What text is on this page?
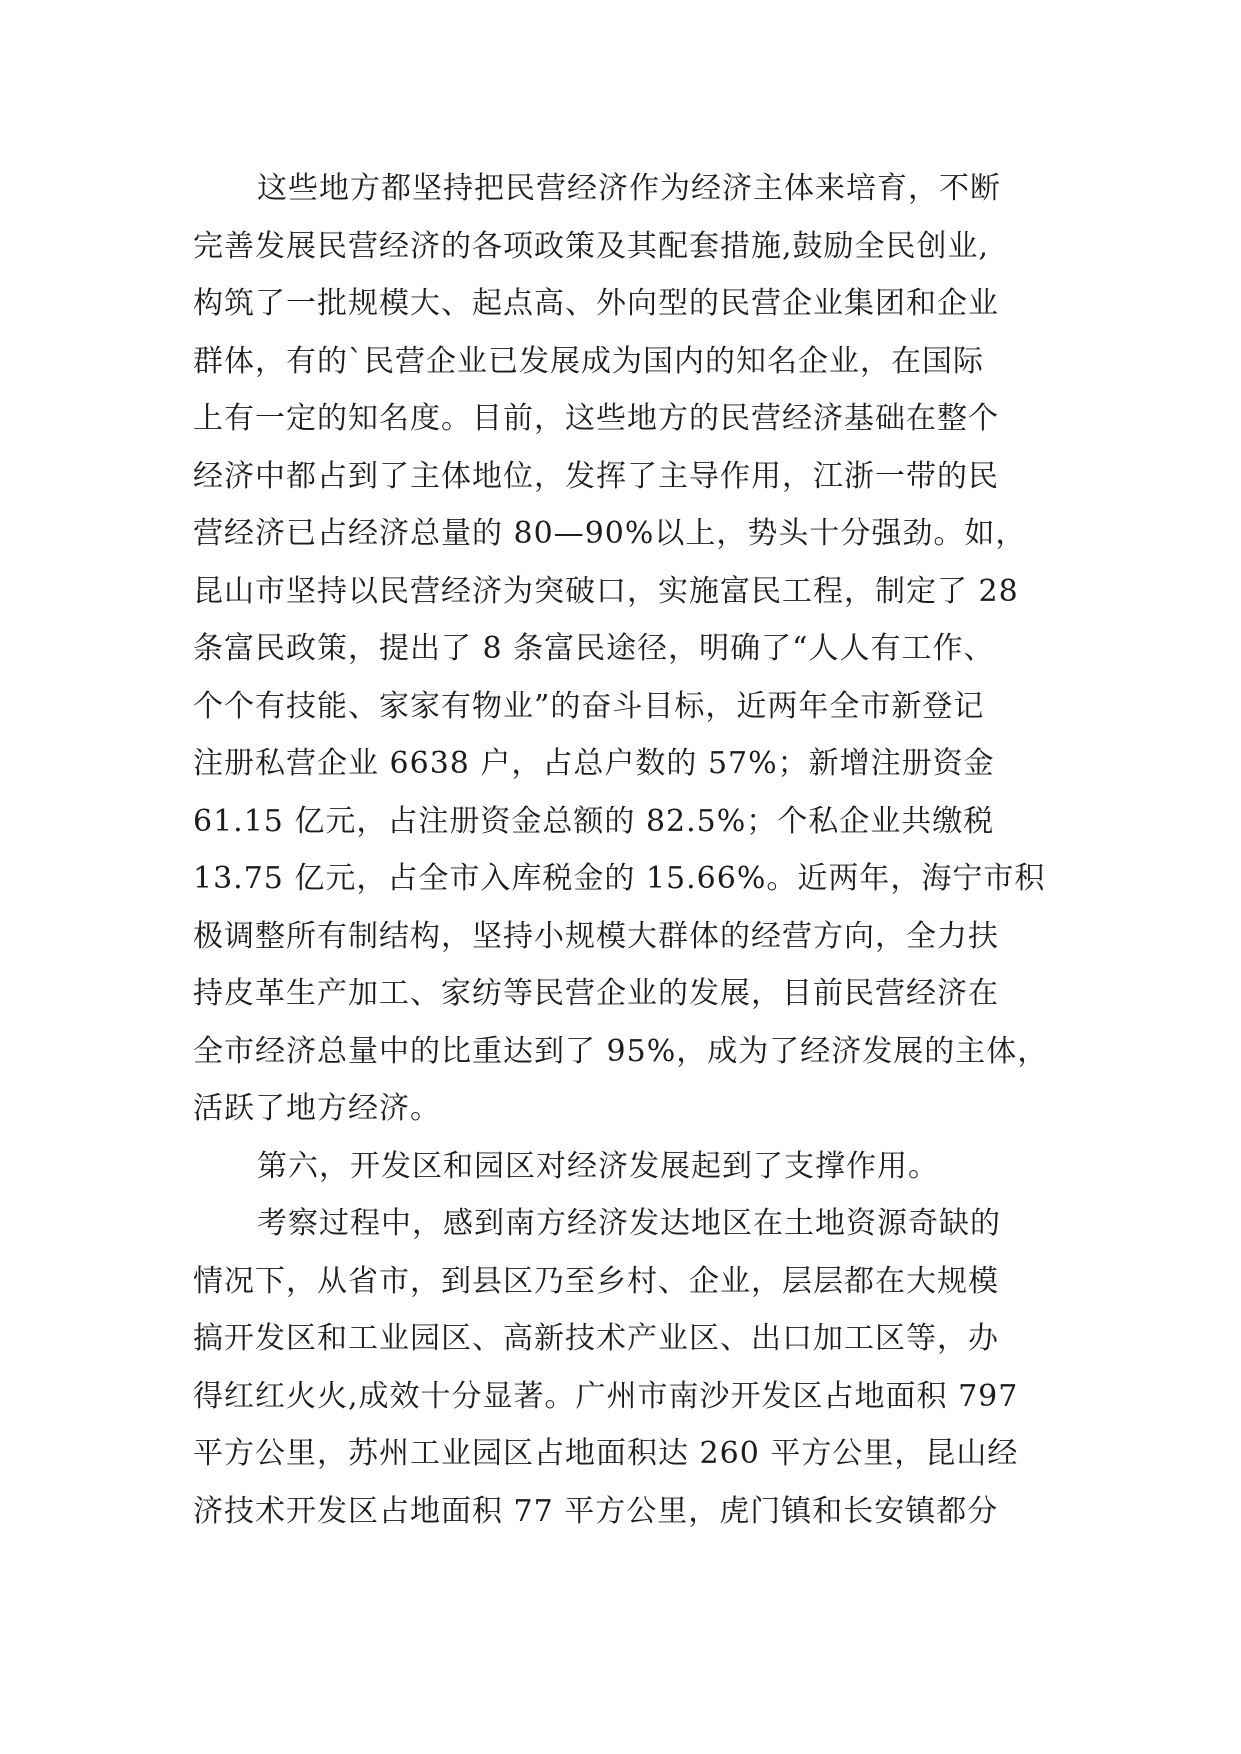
这些地方都坚持把民营经济作为经济主体来培育，不断
完善发展民营经济的各项政策及其配套措施,鼓励全民创业,
构筑了一批规模大、起点高、外向型的民营企业集团和企业
群体，有的`民营企业已发展成为国内的知名企业，在国际
上有一定的知名度。目前，这些地方的民营经济基础在整个
经济中都占到了主体地位，发挥了主导作用，江浙一带的民
营经济已占经济总量的 80—90%以上，势头十分强劲。如，
昆山市坚持以民营经济为突破口，实施富民工程，制定了 28
条富民政策，提出了 8 条富民途径，明确了“人人有工作、
个个有技能、家家有物业”的奋斗目标，近两年全市新登记
注册私营企业 6638 户，占总户数的 57%；新增注册资金
61.15 亿元，占注册资金总额的 82.5%；个私企业共缴税
13.75 亿元，占全市入库税金的 15.66%。近两年，海宁市积
极调整所有制结构，坚持小规模大群体的经营方向，全力扶
持皮革生产加工、家纺等民营企业的发展，目前民营经济在
全市经济总量中的比重达到了 95%，成为了经济发展的主体，
活跃了地方经济。
第六，开发区和园区对经济发展起到了支撑作用。
考察过程中，感到南方经济发达地区在土地资源奇缺的
情况下，从省市，到县区乃至乡村、企业，层层都在大规模
搞开发区和工业园区、高新技术产业区、出口加工区等，办
得红红火火,成效十分显著。广州市南沙开发区占地面积 797
平方公里，苏州工业园区占地面积达 260 平方公里，昆山经
济技术开发区占地面积 77 平方公里，虎门镇和长安镇都分
